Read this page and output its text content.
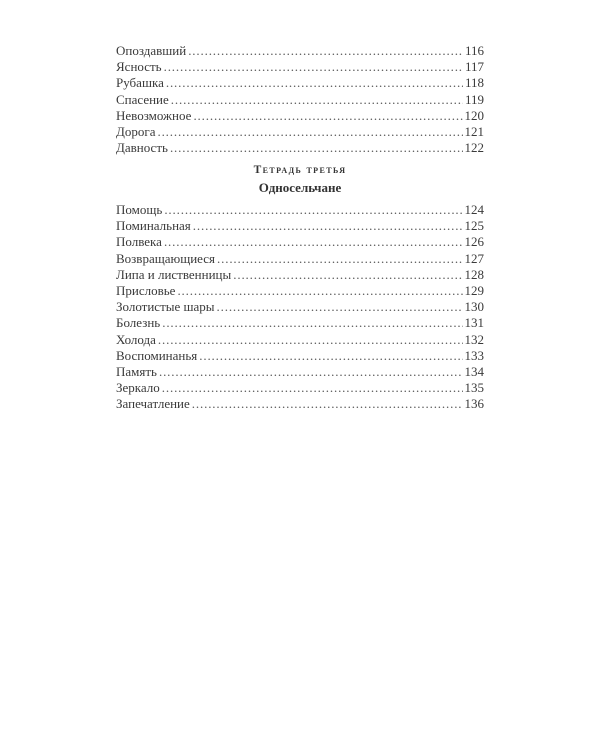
Опоздавший . . .	116
Ясность . . .	117
Рубашка . . .	118
Спасение . . .	119
Невозможное . . .	120
Дорога . . .	121
Давность . . .	122
Тетрадь третья
Односельчане
Помощь . . .	124
Поминальная . . .	125
Полвека . . .	126
Возвращающиеся . . .	127
Липа и лиственницы . . .	128
Присловье . . .	129
Золотистые шары . . .	130
Болезнь . . .	131
Холода . . .	132
Воспоминанья . . .	133
Память . . .	134
Зеркало . . .	135
Запечатление . . .	136
